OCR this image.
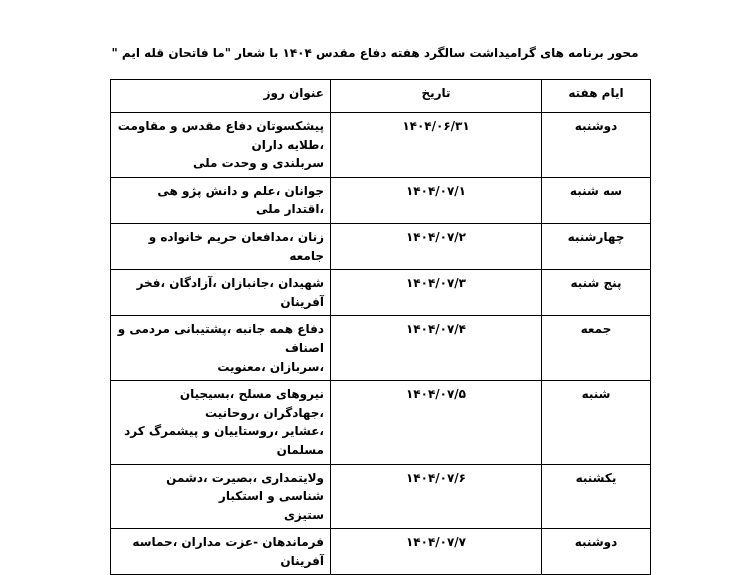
محور برنامه های گرامیداشت سالگرد هفته دفاع مقدس ۱۴۰۴ با شعار "ما فاتحان قله ایم "
ایام هفته	تاریخ	عنوان روز
دوشنبه	۱۴۰۴/۰۶/۳۱	پیشکسوتان دفاع مقدس و مقاومت ،طلایه داران
سربلندی و وحدت ملی

سه شنبه	۱۴۰۴/۰۷/۱	جوانان ،علم و دانش پژو هی ،اقتدار ملی

چهارشنبه	۱۴۰۴/۰۷/۲	زنان ،مدافعان حریم خانواده و جامعه

پنج شنبه	۱۴۰۴/۰۷/۳	شهیدان ،جانبازان ،آزادگان ،فخر آفرینان

جمعه	۱۴۰۴/۰۷/۴	دفاع همه جانبه ،پشتیبانی مردمی و اصناف
،سربازان ،معنویت

شنبه	۱۴۰۴/۰۷/۵	نیروهای مسلح ،بسیجیان ،جهادگران ،روحانیت
،عشایر ،روستاییان و پیشمرگ کرد مسلمان

یکشنبه	۱۴۰۴/۰۷/۶	ولایتمداری ،بصیرت ،دشمن شناسی و استکبار
ستیزی

دوشنبه	۱۴۰۴/۰۷/۷	فرماندهان -عزت مداران ،حماسه آفرینان
